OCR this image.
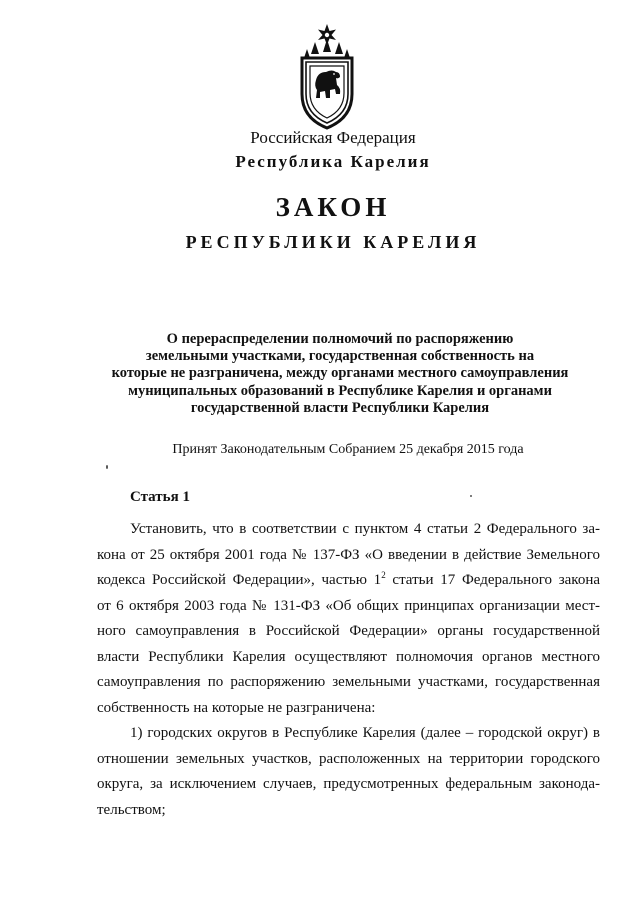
Российская Федерация
Республика Карелия
ЗАКОН
РЕСПУБЛИКИ КАРЕЛИЯ
О перераспределении полномочий по распоряжению
земельными участками, государственная собственность на
которые не разграничена, между органами местного самоуправления
муниципальных образований в Республике Карелия и органами
государственной власти Республики Карелия
Принят Законодательным Собранием 25 декабря 2015 года
Статья 1
Установить, что в соответствии с пунктом 4 статьи 2 Федерального за-
кона от 25 октября 2001 года № 137-ФЗ «О введении в действие Земельного
кодекса Российской Федерации», частью $1^2$ статьи 17 Федерального закона
от 6 октября 2003 года № 131-ФЗ «Об общих принципах организации мест-
ного самоуправления в Российской Федерации» органы государственной
власти Республики Карелия осуществляют полномочия органов местного
самоуправления по распоряжению земельными участками, государственная
собственность на которые не разграничена:
1) городских округов в Республике Карелия (далее – городской округ) в
отношении земельных участков, расположенных на территории городского
округа, за исключением случаев, предусмотренных федеральным законода-
тельством;
